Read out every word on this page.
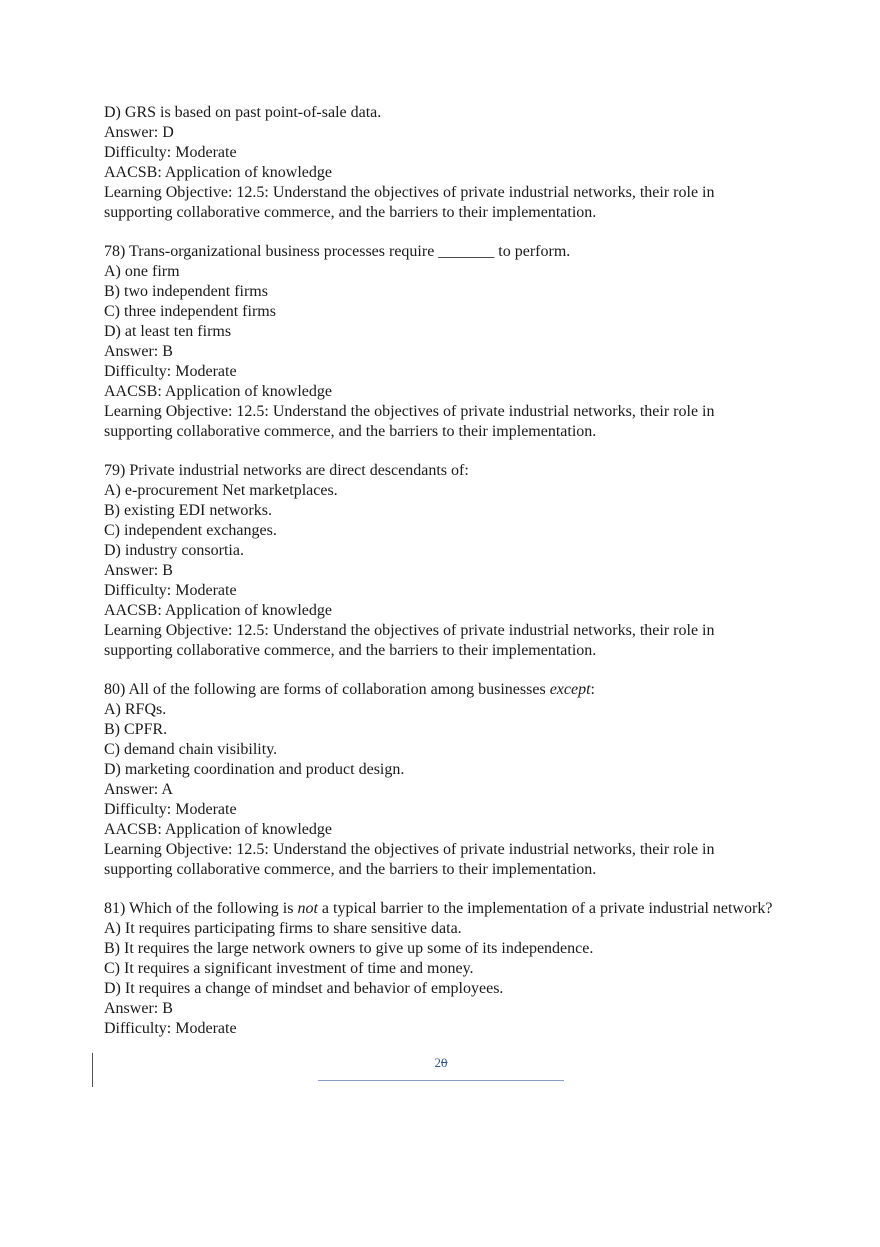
D) GRS is based on past point-of-sale data.
Answer: D
Difficulty: Moderate
AACSB: Application of knowledge
Learning Objective: 12.5: Understand the objectives of private industrial networks, their role in supporting collaborative commerce, and the barriers to their implementation.
78) Trans-organizational business processes require _______ to perform.
A) one firm
B) two independent firms
C) three independent firms
D) at least ten firms
Answer: B
Difficulty: Moderate
AACSB: Application of knowledge
Learning Objective: 12.5: Understand the objectives of private industrial networks, their role in supporting collaborative commerce, and the barriers to their implementation.
79) Private industrial networks are direct descendants of:
A) e-procurement Net marketplaces.
B) existing EDI networks.
C) independent exchanges.
D) industry consortia.
Answer: B
Difficulty: Moderate
AACSB: Application of knowledge
Learning Objective: 12.5: Understand the objectives of private industrial networks, their role in supporting collaborative commerce, and the barriers to their implementation.
80) All of the following are forms of collaboration among businesses except:
A) RFQs.
B) CPFR.
C) demand chain visibility.
D) marketing coordination and product design.
Answer: A
Difficulty: Moderate
AACSB: Application of knowledge
Learning Objective: 12.5: Understand the objectives of private industrial networks, their role in supporting collaborative commerce, and the barriers to their implementation.
81) Which of the following is not a typical barrier to the implementation of a private industrial network?
A) It requires participating firms to share sensitive data.
B) It requires the large network owners to give up some of its independence.
C) It requires a significant investment of time and money.
D) It requires a change of mindset and behavior of employees.
Answer: B
Difficulty: Moderate
20
